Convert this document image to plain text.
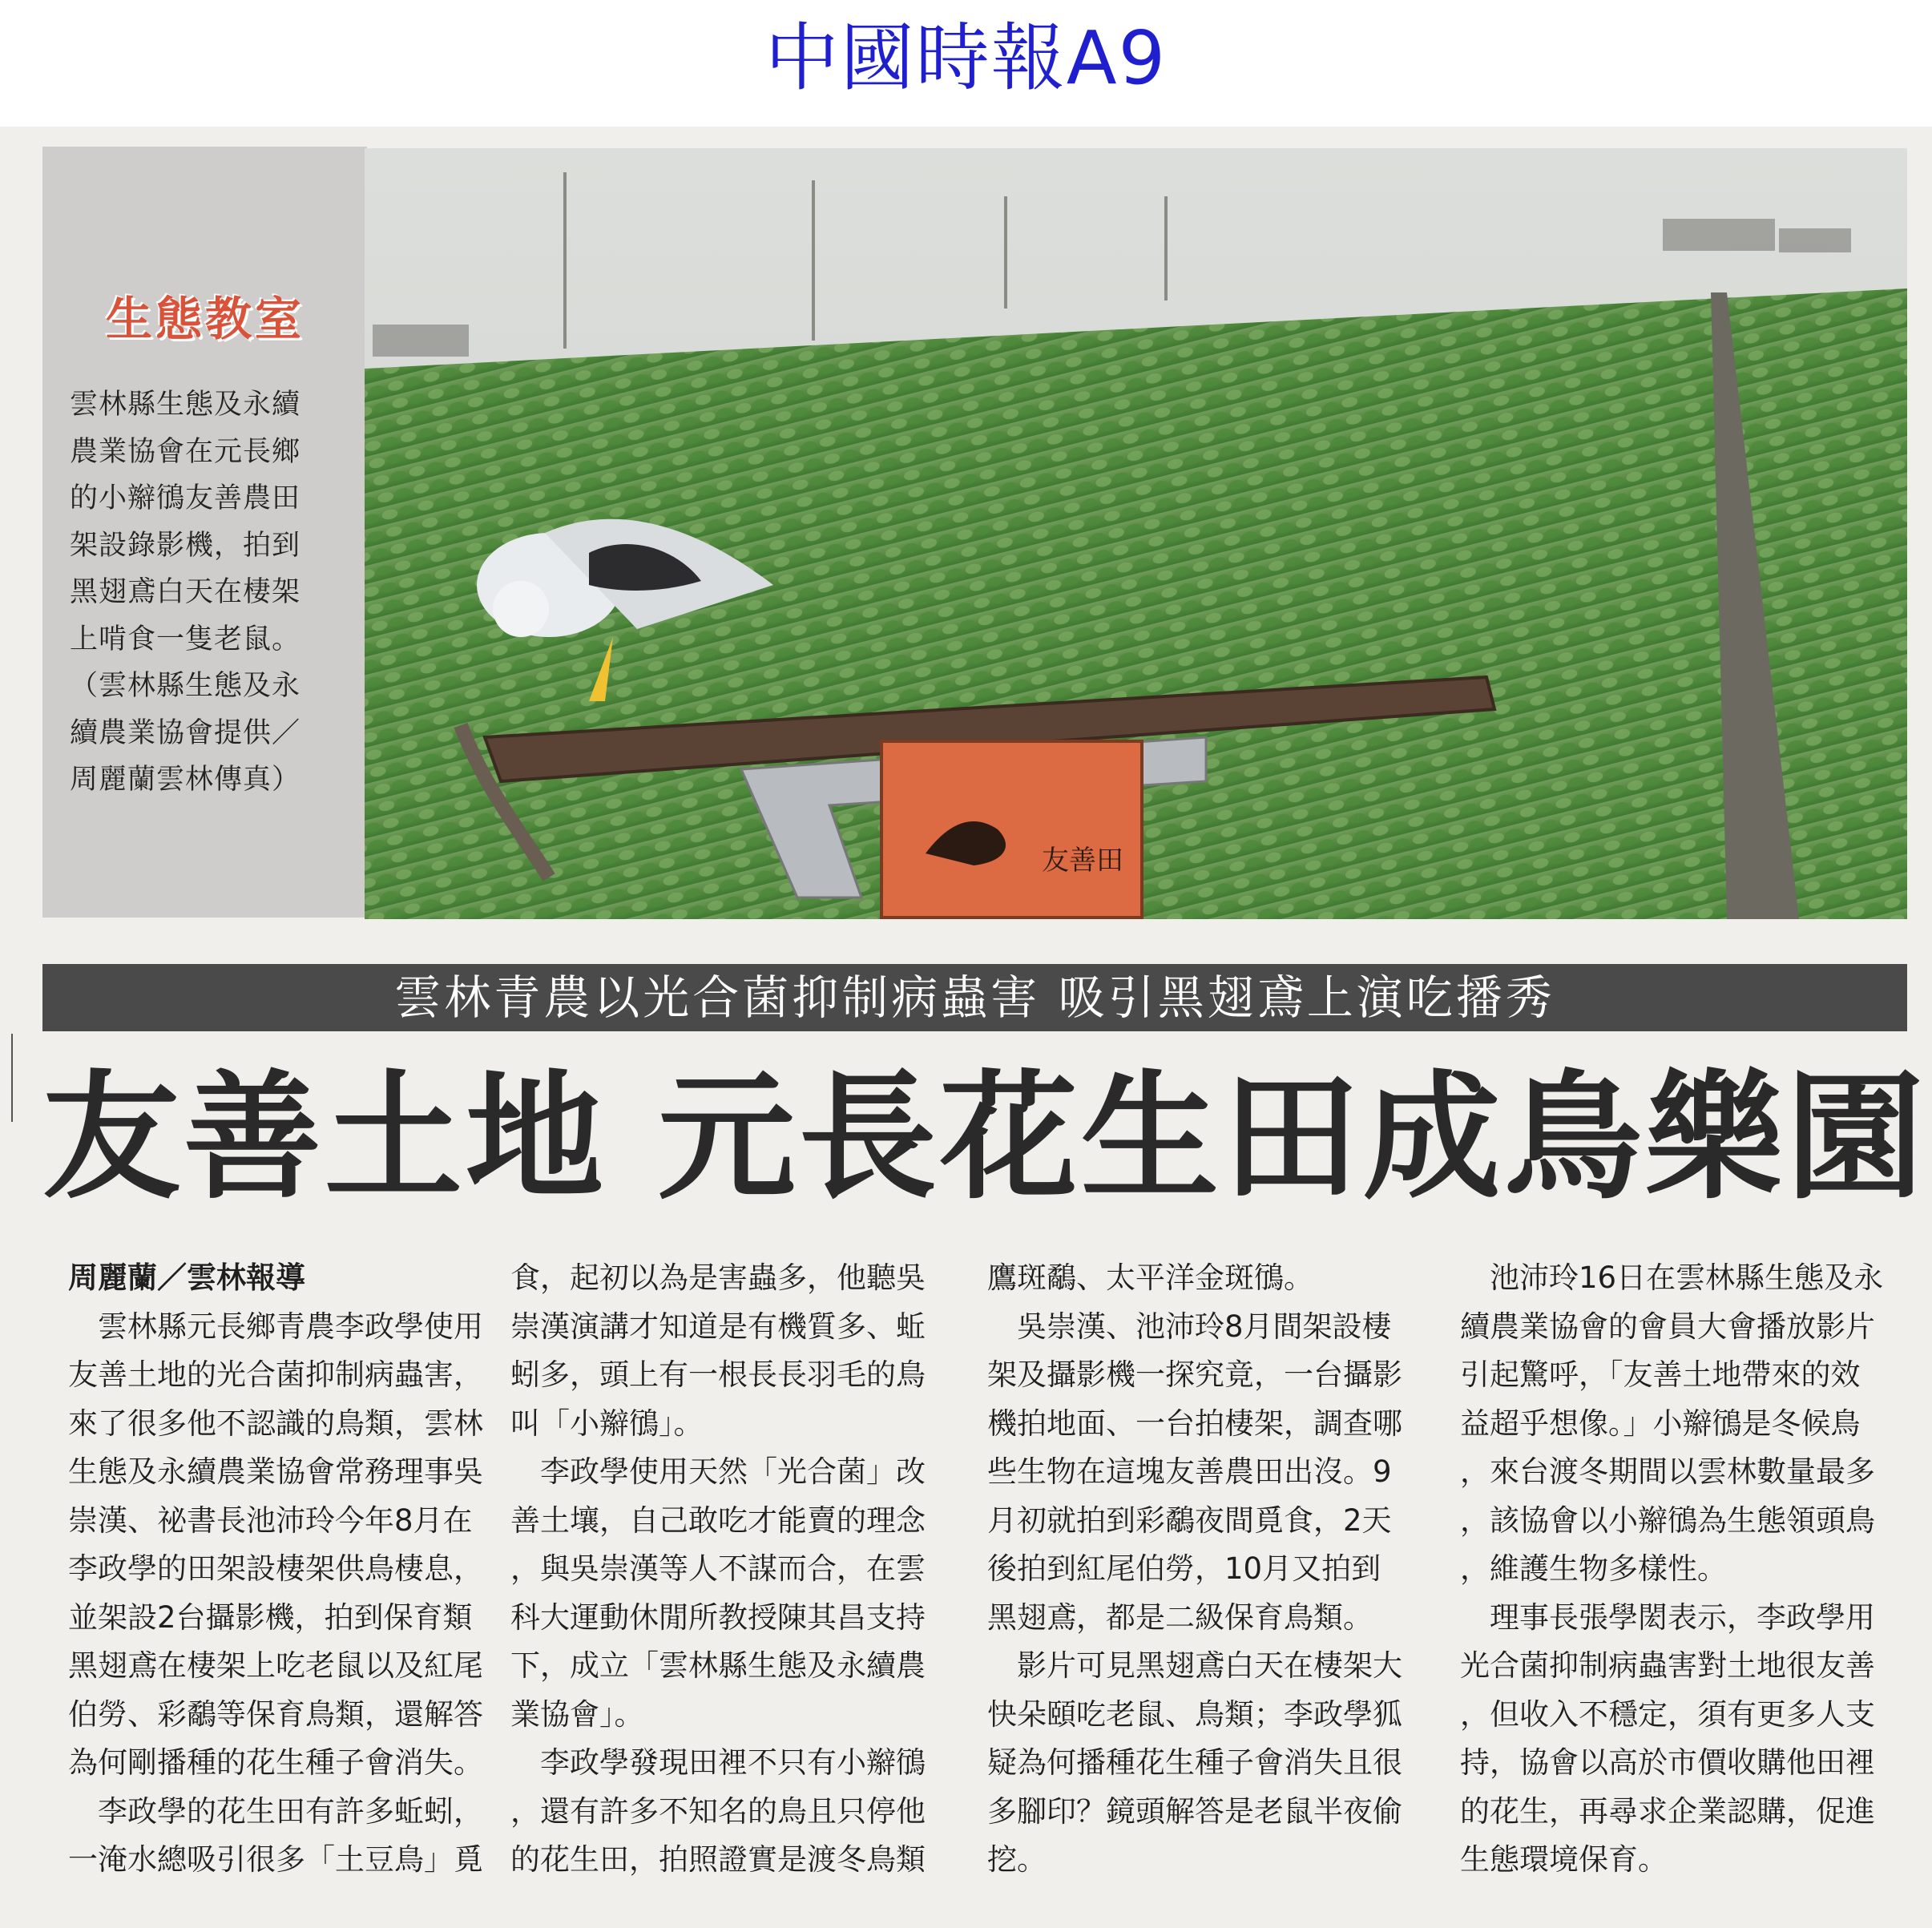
中國時報A9
生態教室
雲林縣生態及永續
農業協會在元長鄉
的小辮鴴友善農田
架設錄影機，拍到
黑翅鳶白天在棲架
上啃食一隻老鼠。
（雲林縣生態及永
續農業協會提供／
周麗蘭雲林傳真）
友善田
雲林青農以光合菌抑制病蟲害 吸引黑翅鳶上演吃播秀
友善土地 元長花生田成鳥樂園
周麗蘭／雲林報導
　雲林縣元長鄉青農李政學使用
友善土地的光合菌抑制病蟲害，
來了很多他不認識的鳥類，雲林
生態及永續農業協會常務理事吳
崇漢、祕書長池沛玲今年8月在
李政學的田架設棲架供鳥棲息，
並架設2台攝影機，拍到保育類
黑翅鳶在棲架上吃老鼠以及紅尾
伯勞、彩鷸等保育鳥類，還解答
為何剛播種的花生種子會消失。
　李政學的花生田有許多蚯蚓，
一淹水總吸引很多「土豆鳥」覓
食，起初以為是害蟲多，他聽吳
崇漢演講才知道是有機質多、蚯
蚓多，頭上有一根長長羽毛的鳥
叫「小辮鴴」。
　李政學使用天然「光合菌」改
善土壤，自己敢吃才能賣的理念
，與吳崇漢等人不謀而合，在雲
科大運動休閒所教授陳其昌支持
下，成立「雲林縣生態及永續農
業協會」。
　李政學發現田裡不只有小辮鴴
，還有許多不知名的鳥且只停他
的花生田，拍照證實是渡冬鳥類
鷹斑鷸、太平洋金斑鴴。
　吳崇漢、池沛玲8月間架設棲
架及攝影機一探究竟，一台攝影
機拍地面、一台拍棲架，調查哪
些生物在這塊友善農田出沒。9
月初就拍到彩鷸夜間覓食，2天
後拍到紅尾伯勞，10月又拍到
黑翅鳶，都是二級保育鳥類。
　影片可見黑翅鳶白天在棲架大
快朵頤吃老鼠、鳥類；李政學狐
疑為何播種花生種子會消失且很
多腳印？鏡頭解答是老鼠半夜偷
挖。
　池沛玲16日在雲林縣生態及永
續農業協會的會員大會播放影片
引起驚呼，「友善土地帶來的效
益超乎想像。」小辮鴴是冬候鳥
，來台渡冬期間以雲林數量最多
，該協會以小辮鴴為生態領頭鳥
，維護生物多樣性。
　理事長張學閎表示，李政學用
光合菌抑制病蟲害對土地很友善
，但收入不穩定，須有更多人支
持，協會以高於市價收購他田裡
的花生，再尋求企業認購，促進
生態環境保育。
